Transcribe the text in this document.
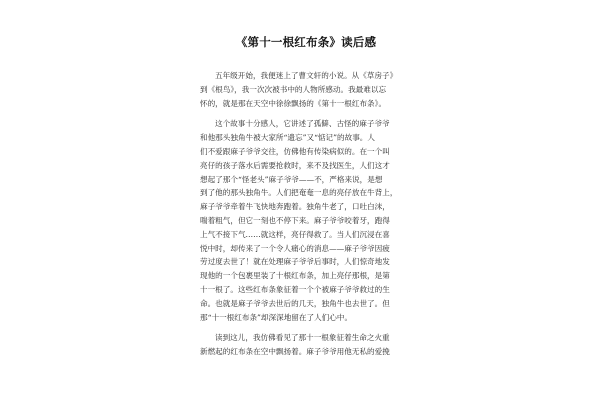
《第十一根红布条》读后感
五年级开始，我便迷上了曹文轩的小说。从《草房子》
到《根鸟》，我一次次被书中的人物所感动。我最难以忘
怀的，就是那在天空中徐徐飘扬的《第十一根红布条》。
这个故事十分感人，它讲述了孤僻、古怪的麻子爷爷
和他那头独角牛被大家所“遗忘”又“惦记”的故事。人
们不爱跟麻子爷爷交往，仿佛他有传染病似的。在一个叫
亮仔的孩子落水后需要抢救时，来不及找医生，人们这才
想起了那个“怪老头”麻子爷爷——不，严格来说，是想
到了他的那头独角牛。人们把奄奄一息的亮仔放在牛背上，
麻子爷爷牵着牛飞快地奔跑着。独角牛老了，口吐白沫，
喘着粗气，但它一刻也不停下来。麻子爷爷咬着牙，跑得
上气不接下气……就这样，亮仔得救了。当人们沉浸在喜
悦中时，却传来了一个令人痛心的消息——麻子爷爷因疲
劳过度去世了！就在处理麻子爷爷后事时，人们惊奇地发
现他的一个包裹里装了十根红布条，加上亮仔那根，是第
十一根了。这些红布条象征着一个个被麻子爷爷救过的生
命。也就是麻子爷爷去世后的几天，独角牛也去世了。但
那“十一根红布条”却深深地留在了人们心中。
读到这儿，我仿佛看见了那十一根象征着生命之火重
新燃起的红布条在空中飘扬着。麻子爷爷用他无私的爱挽
